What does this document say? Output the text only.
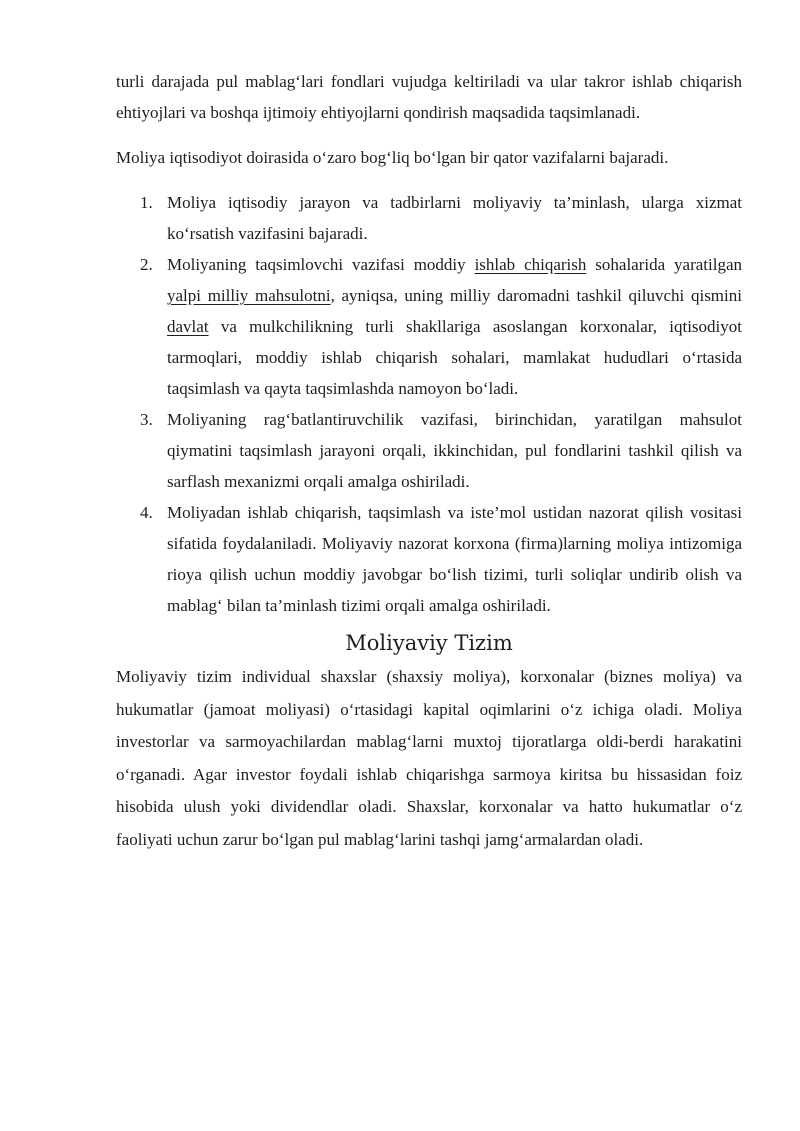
turli darajada pul mablag‘lari fondlari vujudga keltiriladi va ular takror ishlab chiqarish ehtiyojlari va boshqa ijtimoiy ehtiyojlarni qondirish maqsadida taqsimlanadi.

Moliya iqtisodiyot doirasida o‘zaro bog‘liq bo‘lgan bir qator vazifalarni bajaradi.

1. Moliya iqtisodiy jarayon va tadbirlarni moliyaviy ta’minlash, ularga xizmat ko‘rsatish vazifasini bajaradi.
2. Moliyaning taqsimlovchi vazifasi moddiy ishlab chiqarish sohalarida yaratilgan yalpi milliy mahsulotni, ayniqsa, uning milliy daromadni tashkil qiluvchi qismini davlat va mulkchilikning turli shakllariga asoslangan korxonalar, iqtisodiyot tarmoqlari, moddiy ishlab chiqarish sohalari, mamlakat hududlari o‘rtasida taqsimlash va qayta taqsimlashda namoyon bo‘ladi.
3. Moliyaning rag‘batlantiruvchilik vazifasi, birinchidan, yaratilgan mahsulot qiymatini taqsimlash jarayoni orqali, ikkinchidan, pul fondlarini tashkil qilish va sarflash mexanizmi orqali amalga oshiriladi.
4. Moliyadan ishlab chiqarish, taqsimlash va iste’mol ustidan nazorat qilish vositasi sifatida foydalaniladi. Moliyaviy nazorat korxona (firma)larning moliya intizomiga rioya qilish uchun moddiy javobgar bo‘lish tizimi, turli soliqlar undirib olish va mablag‘ bilan ta’minlash tizimi orqali amalga oshiriladi.
Moliyaviy Tizim

Moliyaviy tizim individual shaxslar (shaxsiy moliya), korxonalar (biznes moliya) va hukumatlar (jamoat moliyasi) o‘rtasidagi kapital oqimlarini o‘z ichiga oladi. Moliya investorlar va sarmoyachilardan mablag‘larni muxtoj tijoratlarga oldi-berdi harakatini o‘rganadi. Agar investor foydali ishlab chiqarishga sarmoya kiritsa bu hissasidan foiz hisobida ulush yoki dividendlar oladi. Shaxslar, korxonalar va hatto hukumatlar o‘z faoliyati uchun zarur bo‘lgan pul mablag‘larini tashqi jamg‘armalardan oladi.
